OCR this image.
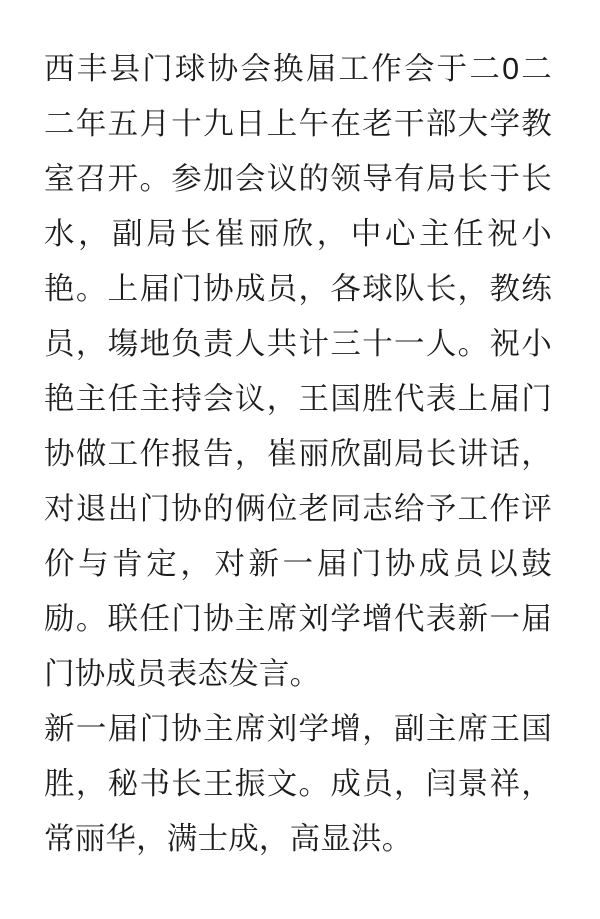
西丰县门球协会换届工作会于二0二二年五月十九日上午在老干部大学教室召开。参加会议的领导有局长于长水，副局长崔丽欣，中心主任祝小艳。上届门协成员，各球队长，教练员，塲地负责人共计三十一人。祝小艳主任主持会议，王国胜代表上届门协做工作报告，崔丽欣副局长讲话，对退出门协的俩位老同志给予工作评价与肯定，对新一届门协成员以鼓励。联任门协主席刘学增代表新一届门协成员表态发言。

新一届门协主席刘学增，副主席王国胜，秘书长王振文。成员，闫景祥，常丽华，满士成，高显洪。
